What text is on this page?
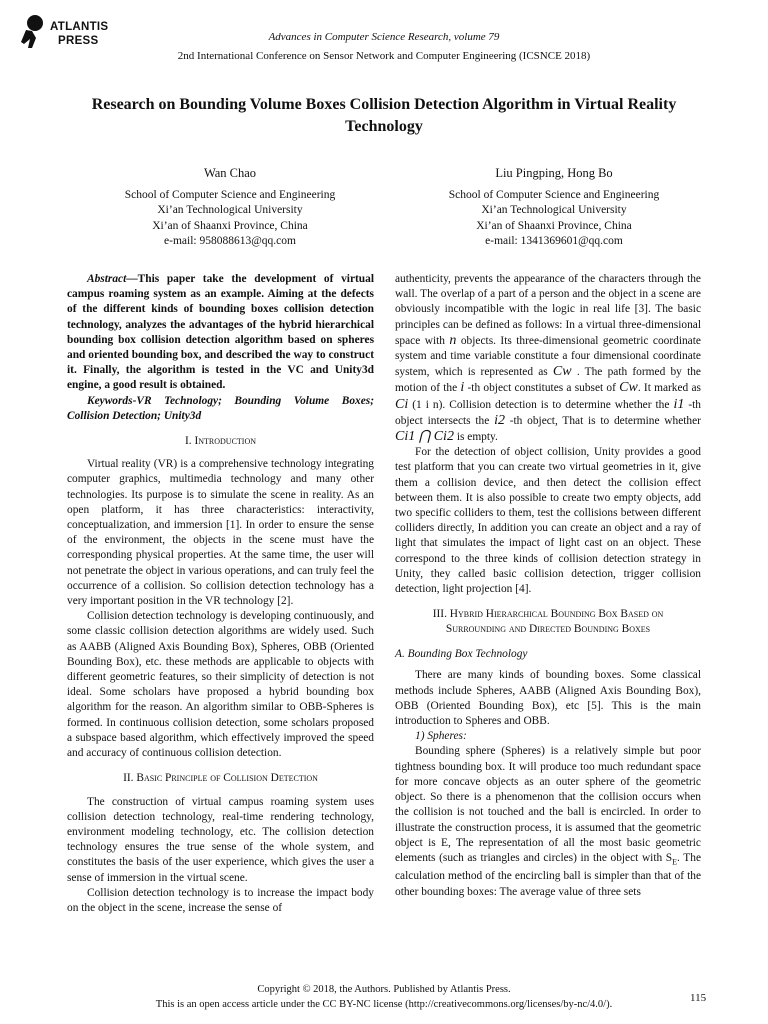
ATLANTIS
PRESS	Advances in Computer Science Research, volume 79
2nd International Conference on Sensor Network and Computer Engineering (ICSNCE 2018)
Research on Bounding Volume Boxes Collision Detection Algorithm in Virtual Reality Technology
Wan Chao
School of Computer Science and Engineering
Xi’an Technological University
Xi’an of Shaanxi Province, China
e-mail: 958088613@qq.com
Liu Pingping, Hong Bo
School of Computer Science and Engineering
Xi’an Technological University
Xi’an of Shaanxi Province, China
e-mail: 1341369601@qq.com

Abstract—This paper take the development of virtual campus roaming system as an example. Aiming at the defects of the different kinds of bounding boxes collision detection technology, analyzes the advantages of the hybrid hierarchical bounding box collision detection algorithm based on spheres and oriented bounding box, and described the way to construct it. Finally, the algorithm is tested in the VC and Unity3d engine, a good result is obtained.

Keywords-VR Technology; Bounding Volume Boxes; Collision Detection; Unity3d

I. Introduction

Virtual reality (VR) is a comprehensive technology integrating computer graphics, multimedia technology and many other technologies. Its purpose is to simulate the scene in reality. As an open platform, it has three characteristics: interactivity, conceptualization, and immersion [1]. In order to ensure the sense of the environment, the objects in the scene must have the corresponding physical properties. At the same time, the user will not penetrate the object in various operations, and can truly feel the occurrence of a collision. So collision detection technology has a very important position in the VR technology [2].

Collision detection technology is developing continuously, and some classic collision detection algorithms are widely used. Such as AABB (Aligned Axis Bounding Box), Spheres, OBB (Oriented Bounding Box), etc. these methods are applicable to objects with different geometric features, so their simplicity of detection is not ideal. Some scholars have proposed a hybrid bounding box algorithm for the reason. An algorithm similar to OBB-Spheres is formed. In continuous collision detection, some scholars proposed a subspace based algorithm, which effectively improved the speed and accuracy of continuous collision detection.

II. Basic Principle of Collision Detection

The construction of virtual campus roaming system uses collision detection technology, real-time rendering technology, environment modeling technology, etc. The collision detection technology ensures the true sense of the whole system, and constitutes the basis of the user experience, which gives the user a sense of immersion in the virtual scene.

Collision detection technology is to increase the impact body on the object in the scene, increase the sense of

authenticity, prevents the appearance of the characters through the wall. The overlap of a part of a person and the object in a scene are obviously incompatible with the logic in real life [3]. The basic principles can be defined as follows: In a virtual three-dimensional space with n objects. Its three-dimensional geometric coordinate system and time variable constitute a four dimensional coordinate system, which is represented as Cw . The path formed by the motion of the i -th object constitutes a subset of Cw. It marked as Ci (1 i n). Collision detection is to determine whether the i1 -th object intersects the i2 -th object, That is to determine whether Ci1 ⋂ Ci2 is empty.

For the detection of object collision, Unity provides a good test platform that you can create two virtual geometries in it, give them a collision device, and then detect the collision effect between them. It is also possible to create two empty objects, add two specific colliders to them, test the collisions between different colliders directly, In addition you can create an object and a ray of light that simulates the impact of light cast on an object. These correspond to the three kinds of collision detection strategy in Unity, they called basic collision detection, trigger collision detection, light projection [4].

III. Hybrid Hierarchical Bounding Box Based on
Surrounding and Directed Bounding Boxes
A. Bounding Box Technology

There are many kinds of bounding boxes. Some classical methods include Spheres, AABB (Aligned Axis Bounding Box), OBB (Oriented Bounding Box), etc [5]. This is the main introduction to Spheres and OBB.

1) Spheres:

Bounding sphere (Spheres) is a relatively simple but poor tightness bounding box. It will produce too much redundant space for more concave objects as an outer sphere of the geometric object. So there is a phenomenon that the collision occurs when the collision is not touched and the ball is encircled. In order to illustrate the construction process, it is assumed that the geometric object is E, The representation of all the most basic geometric elements (such as triangles and circles) in the object with $S_E$. The calculation method of the encircling ball is simpler than that of the other bounding boxes: The average value of three sets

Copyright © 2018, the Authors. Published by Atlantis Press.
This is an open access article under the CC BY-NC license (http://creativecommons.org/licenses/by-nc/4.0/).
115
